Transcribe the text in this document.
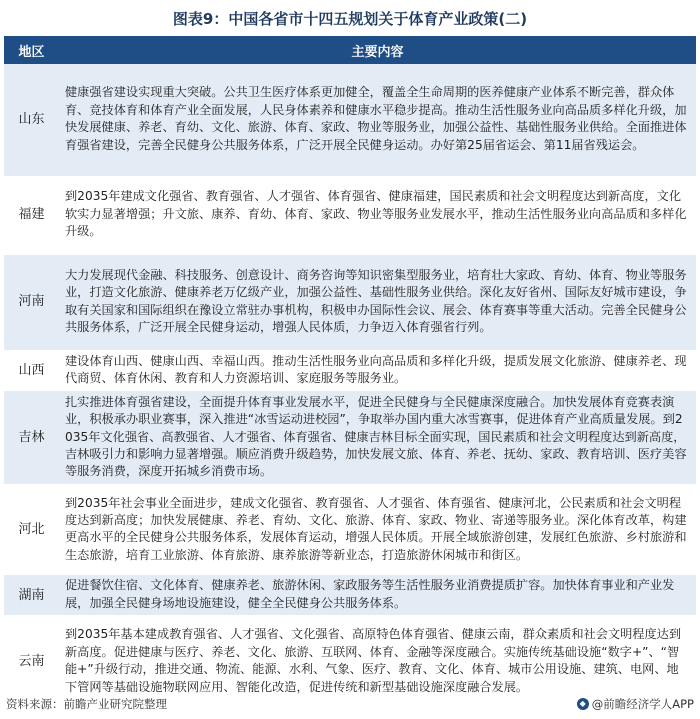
图表9：中国各省市十四五规划关于体育产业政策(二)
地区	主要内容
山东	健康强省建设实现重大突破。公共卫生医疗体系更加健全，覆盖全生命周期的医养健康产业体系不断完善，群众体育、竞技体育和体育产业全面发展，人民身体素养和健康水平稳步提高。推动生活性服务业向高品质多样化升级，加快发展健康、养老、育幼、文化、旅游、体育、家政、物业等服务业，加强公益性、基础性服务业供给。全面推进体育强省建设，完善全民健身公共服务体系，广泛开展全民健身运动。办好第25届省运会、第11届省残运会。
福建	到2035年建成文化强省、教育强省、人才强省、体育强省、健康福建，国民素质和社会文明程度达到新高度，文化软实力显著增强；升文旅、康养、育幼、体育、家政、物业等服务业发展水平，推动生活性服务业向高品质和多样化升级。
河南	大力发展现代金融、科技服务、创意设计、商务咨询等知识密集型服务业，培育壮大家政、育幼、体育、物业等服务业，打造文化旅游、健康养老万亿级产业，加强公益性、基础性服务业供给。深化友好省州、国际友好城市建设，争取有关国家和国际组织在豫设立常驻办事机构，积极申办国际性会议、展会、体育赛事等重大活动。完善全民健身公共服务体系，广泛开展全民健身运动，增强人民体质，力争迈入体育强省行列。
山西	建设体育山西、健康山西、幸福山西。推动生活性服务业向高品质和多样化升级，提质发展文化旅游、健康养老、现代商贸、体育休闲、教育和人力资源培训、家庭服务等服务业。
吉林	扎实推进体育强省建设，全面提升体育事业发展水平，促进全民健身与全民健康深度融合。加快发展体育竞赛表演业，积极承办职业赛事，深入推进“冰雪运动进校园”，争取举办国内重大冰雪赛事，促进体育产业高质量发展。到2035年文化强省、高教强省、人才强省、体育强省、健康吉林目标全面实现，国民素质和社会文明程度达到新高度，吉林吸引力和影响力显著增强。顺应消费升级趋势，加快发展文旅、体育、养老、抚幼、家政、教育培训、医疗美容等服务消费，深度开拓城乡消费市场。
河北	到2035年社会事业全面进步，建成文化强省、教育强省、人才强省、体育强省、健康河北，公民素质和社会文明程度达到新高度；加快发展健康、养老、育幼、文化、旅游、体育、家政、物业、寄递等服务业。深化体育改革，构建更高水平的全民健身公共服务体系，发展体育运动，增强人民体质。开展全域旅游创建，发展红色旅游、乡村旅游和生态旅游，培育工业旅游、体育旅游、康养旅游等新业态，打造旅游休闲城市和街区。
湖南	促进餐饮住宿、文化体育、健康养老、旅游休闲、家政服务等生活性服务业消费提质扩容。加快体育事业和产业发展，加强全民健身场地设施建设，健全全民健身公共服务体系。
云南	到2035年基本建成教育强省、人才强省、文化强省、高原特色体育强省、健康云南，群众素质和社会文明程度达到新高度。促进健康与医疗、养老、文化、旅游、互联网、体育、金融等深度融合。实施传统基础设施“数字+”、“智能+”升级行动，推进交通、物流、能源、水利、气象、医疗、教育、文化、体育、城市公用设施、建筑、电网、地下管网等基础设施物联网应用、智能化改造，促进传统和新型基础设施深度融合发展。
资料来源：前瞻产业研究院整理	◆ @前瞻经济学人APP
